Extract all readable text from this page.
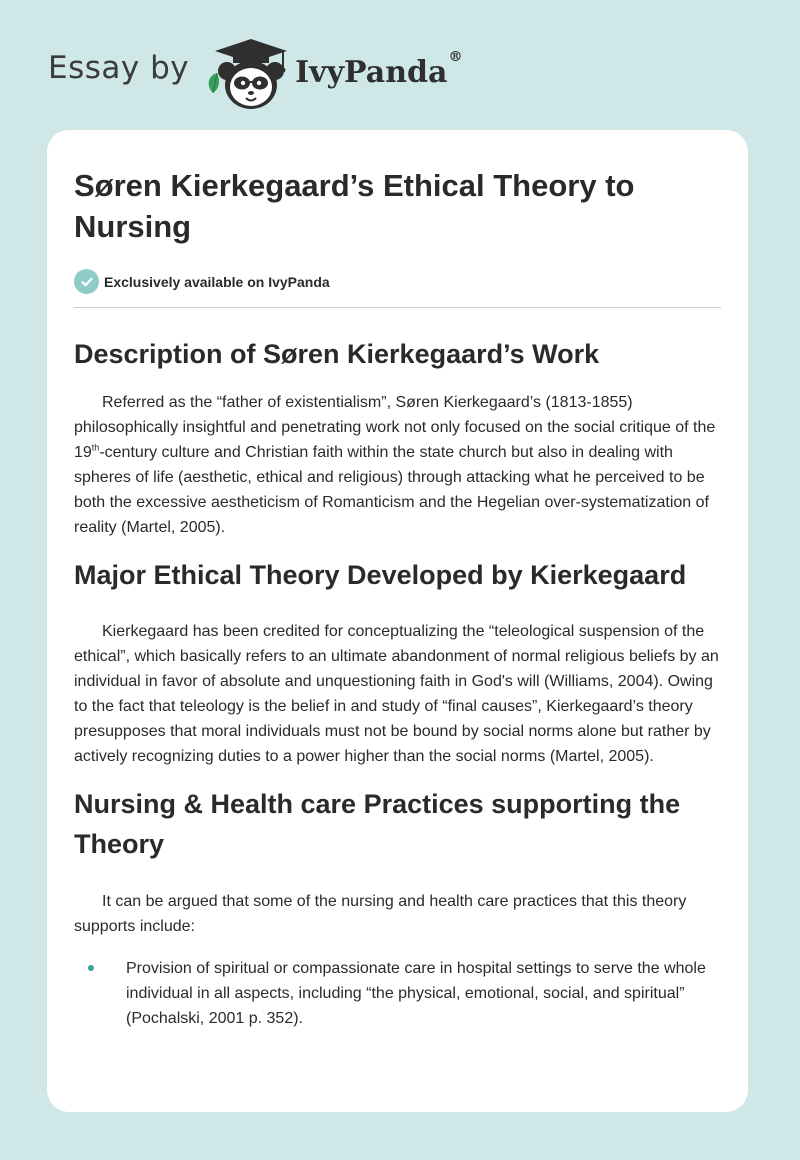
Essay by	IvyPanda®
Søren Kierkegaard’s Ethical Theory to Nursing
Exclusively available on IvyPanda
Description of Søren Kierkegaard’s Work

Referred as the “father of existentialism”, Søren Kierkegaard’s (1813-1855) philosophically insightful and penetrating work not only focused on the social critique of the 19th-century culture and Christian faith within the state church but also in dealing with spheres of life (aesthetic, ethical and religious) through attacking what he perceived to be both the excessive aestheticism of Romanticism and the Hegelian over-systematization of reality (Martel, 2005).

Major Ethical Theory Developed by Kierkegaard

Kierkegaard has been credited for conceptualizing the “teleological suspension of the ethical”, which basically refers to an ultimate abandonment of normal religious beliefs by an individual in favor of absolute and unquestioning faith in God's will (Williams, 2004). Owing to the fact that teleology is the belief in and study of “final causes”, Kierkegaard’s theory presupposes that moral individuals must not be bound by social norms alone but rather by actively recognizing duties to a power higher than the social norms (Martel, 2005).

Nursing & Health care Practices supporting the Theory

It can be argued that some of the nursing and health care practices that this theory supports include:

Provision of spiritual or compassionate care in hospital settings to serve the whole individual in all aspects, including “the physical, emotional, social, and spiritual” (Pochalski, 2001 p. 352).
